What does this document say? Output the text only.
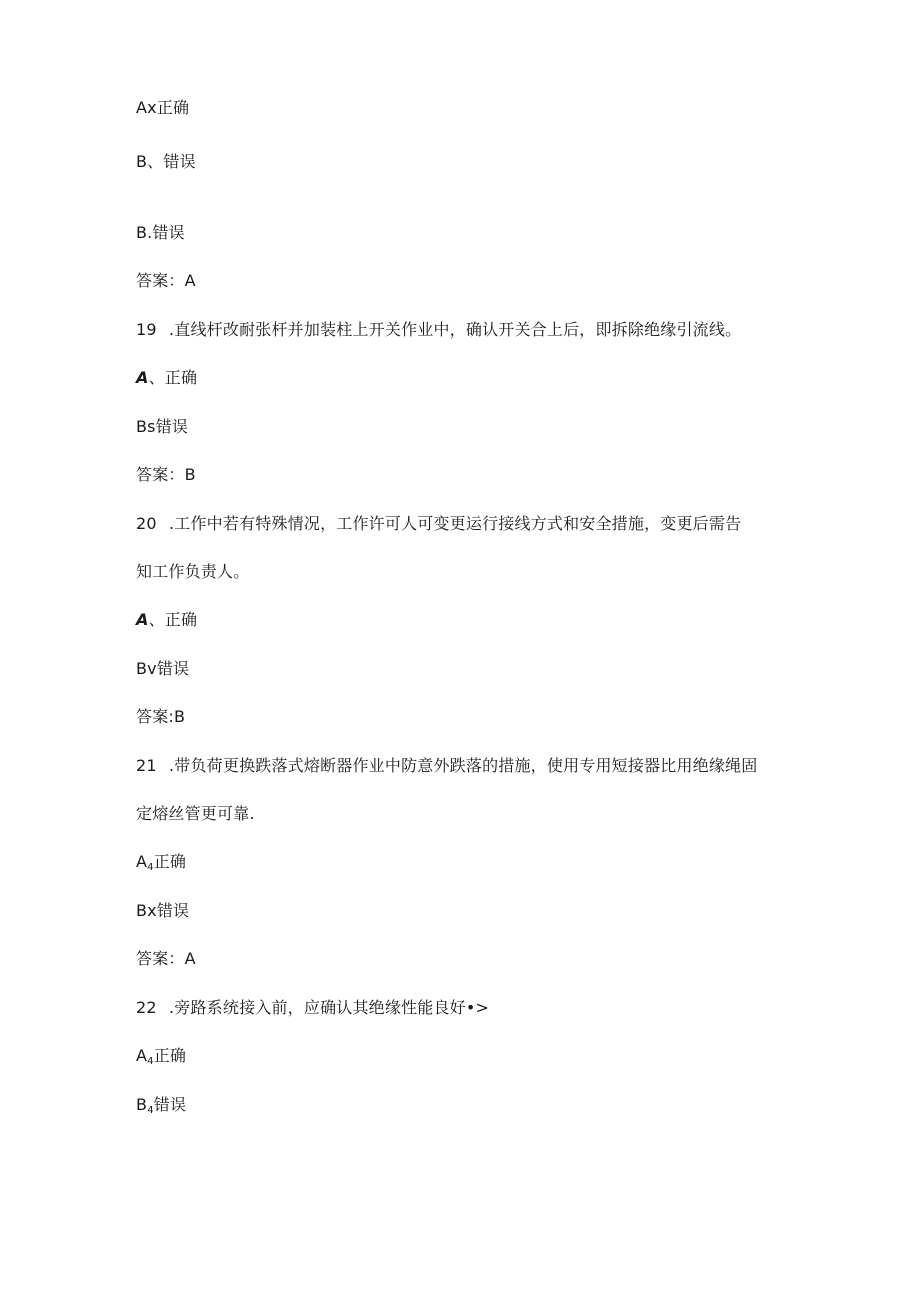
Ax正确
B、错误
B.错误
答案：A
19 .直线杆改耐张杆并加装柱上开关作业中，确认开关合上后，即拆除绝缘引流线。
A、正确
Bs错误
答案：B
20 .工作中若有特殊情况，工作许可人可变更运行接线方式和安全措施，变更后需告
知工作负责人。
A、正确
Bv错误
答案:B
21 .带负荷更换跌落式熔断器作业中防意外跌落的措施，使用专用短接器比用绝缘绳固
定熔丝管更可靠.
$A_4$正确
Bx错误
答案：A
22 .旁路系统接入前，应确认其绝缘性能良好•>
$A_4$正确
$B_4$错误
